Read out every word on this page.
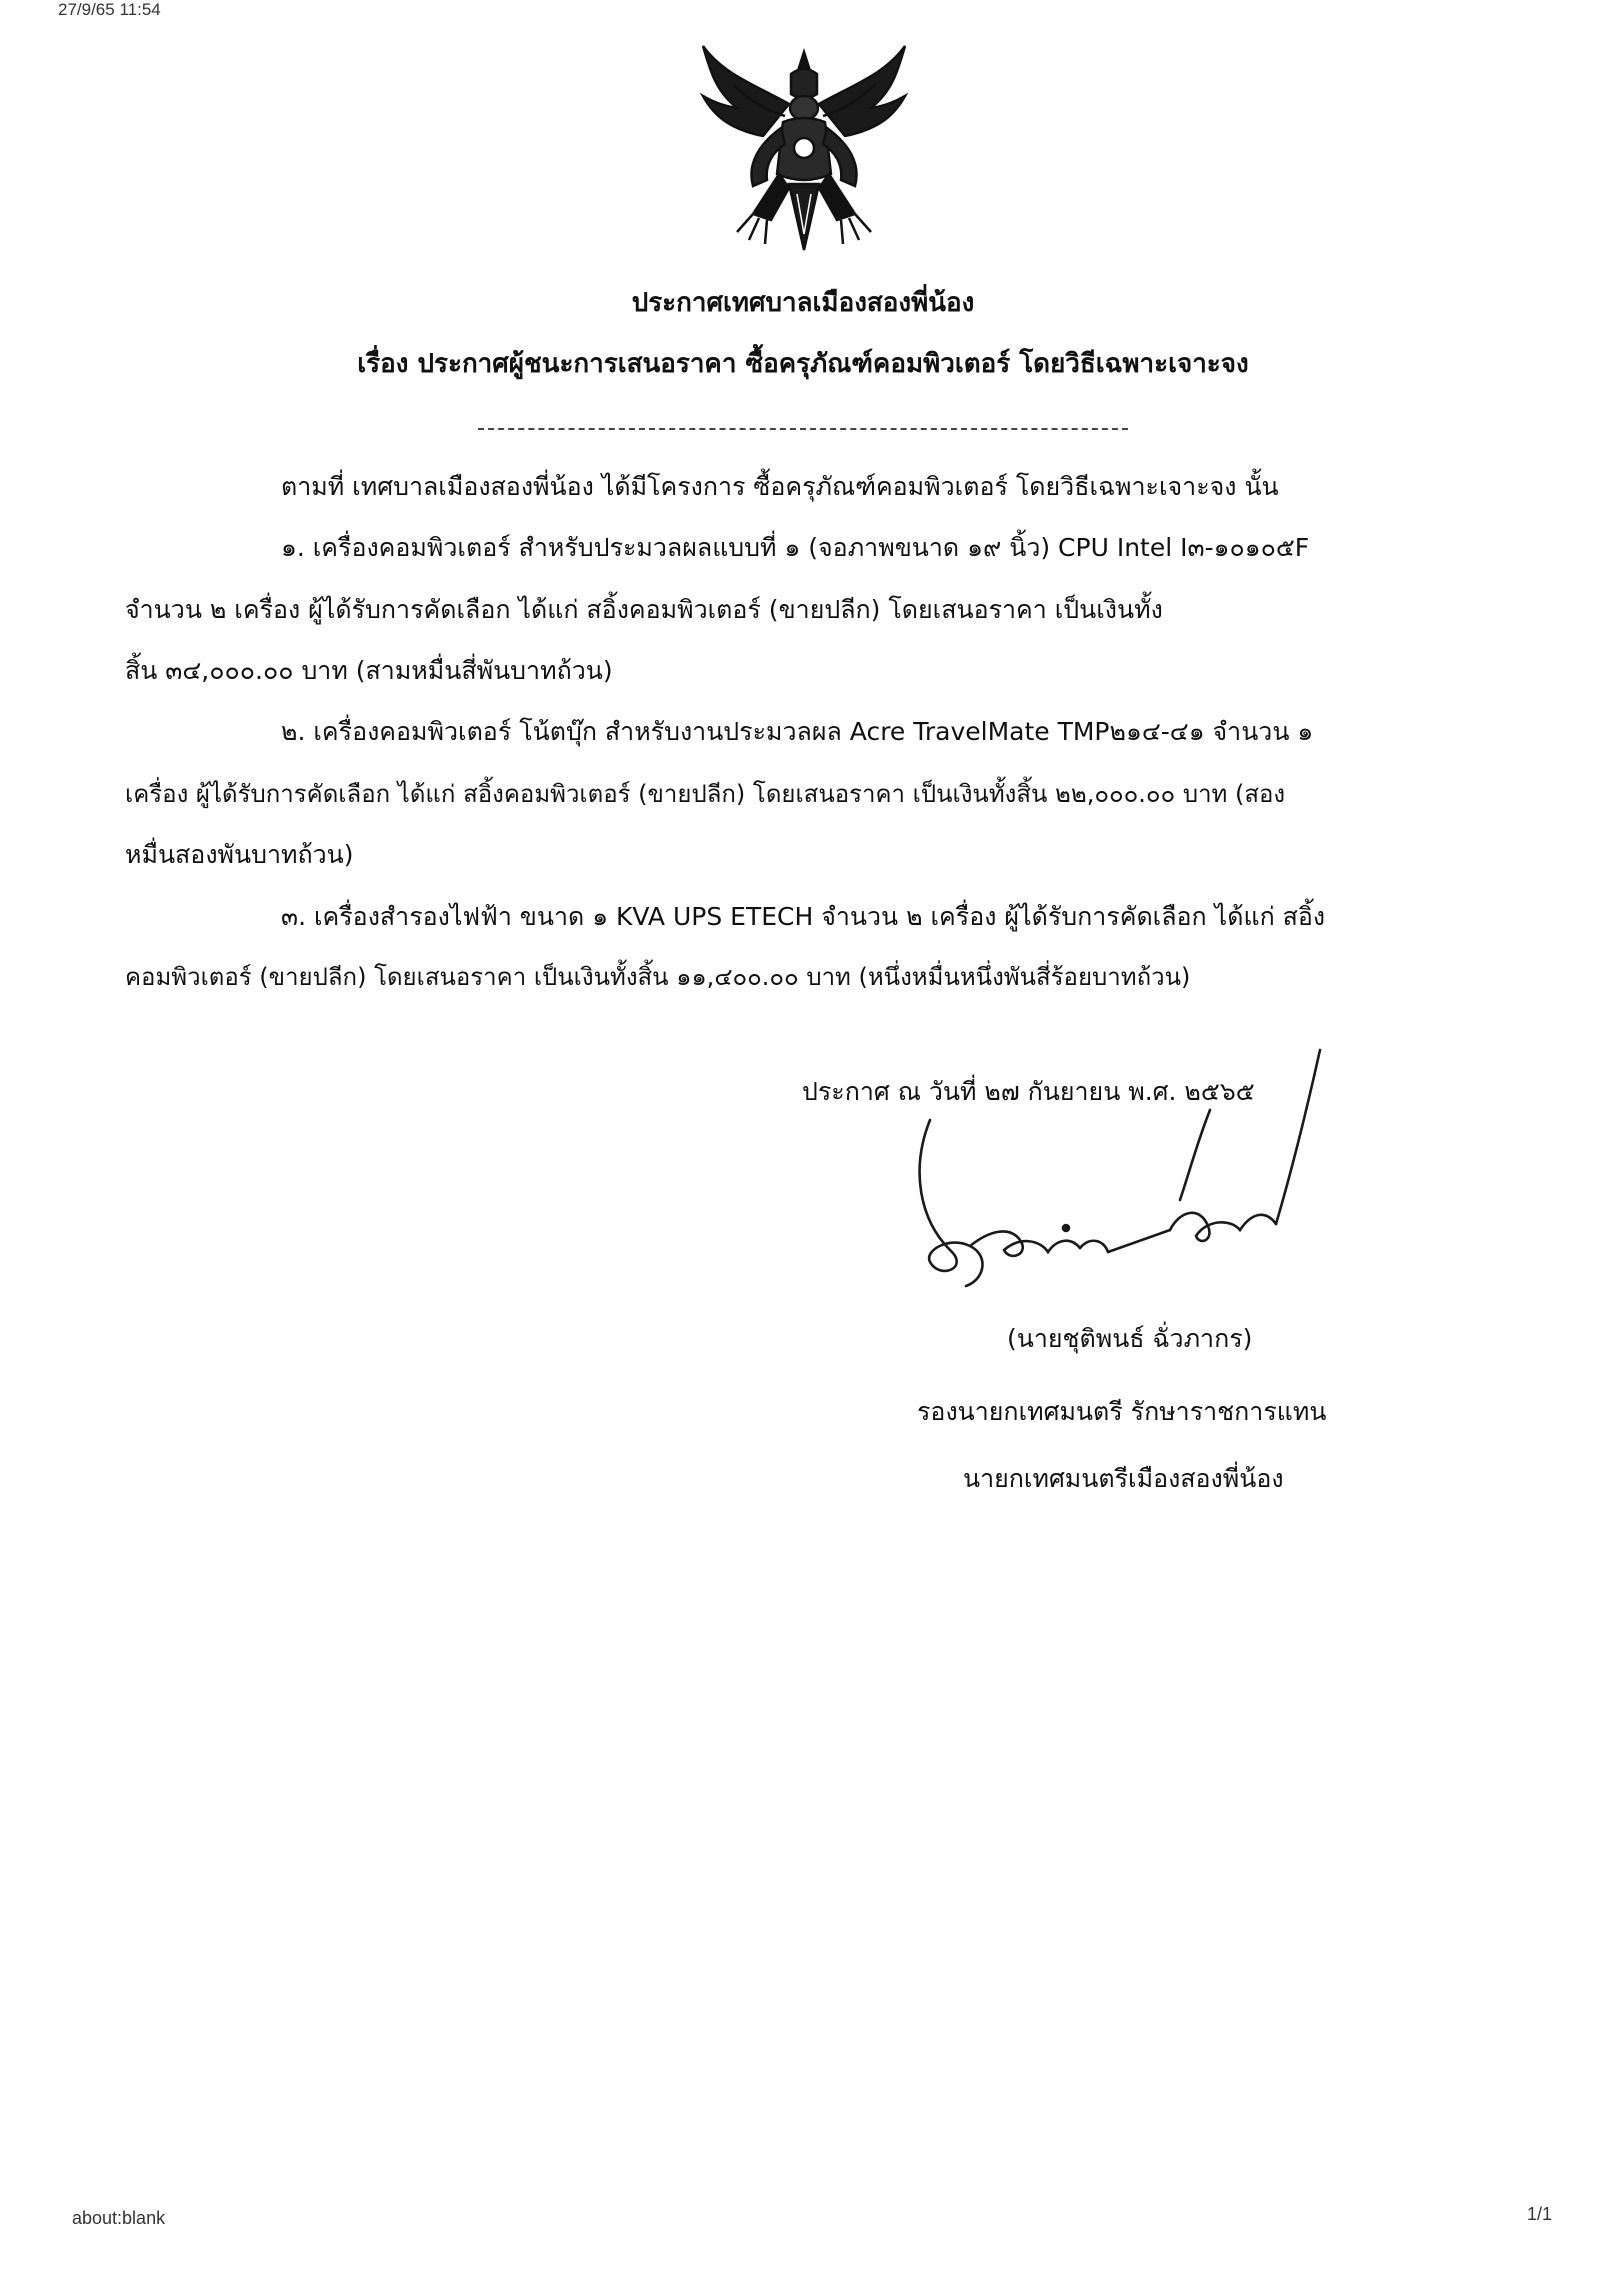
27/9/65 11:54
ประกาศเทศบาลเมืองสองพี่น้อง
เรื่อง ประกาศผู้ชนะการเสนอราคา ซื้อครุภัณฑ์คอมพิวเตอร์ โดยวิธีเฉพาะเจาะจง
ตามที่ เทศบาลเมืองสองพี่น้อง ได้มีโครงการ ซื้อครุภัณฑ์คอมพิวเตอร์ โดยวิธีเฉพาะเจาะจง นั้น
๑. เครื่องคอมพิวเตอร์ สำหรับประมวลผลแบบที่ ๑ (จอภาพขนาด ๑๙ นิ้ว) CPU Intel I๓-๑๐๑๐๕F
จำนวน ๒ เครื่อง ผู้ได้รับการคัดเลือก ได้แก่ สอิ้งคอมพิวเตอร์ (ขายปลีก) โดยเสนอราคา เป็นเงินทั้ง
สิ้น ๓๔,๐๐๐.๐๐ บาท (สามหมื่นสี่พันบาทถ้วน)
๒. เครื่องคอมพิวเตอร์ โน้ตบุ๊ก สำหรับงานประมวลผล Acre TravelMate TMP๒๑๔-๔๑ จำนวน ๑
เครื่อง ผู้ได้รับการคัดเลือก ได้แก่ สอิ้งคอมพิวเตอร์ (ขายปลีก) โดยเสนอราคา เป็นเงินทั้งสิ้น ๒๒,๐๐๐.๐๐ บาท (สอง
หมื่นสองพันบาทถ้วน)
๓. เครื่องสำรองไฟฟ้า ขนาด ๑ KVA UPS ETECH จำนวน ๒ เครื่อง ผู้ได้รับการคัดเลือก ได้แก่ สอิ้ง
คอมพิวเตอร์ (ขายปลีก) โดยเสนอราคา เป็นเงินทั้งสิ้น ๑๑,๔๐๐.๐๐ บาท (หนึ่งหมื่นหนึ่งพันสี่ร้อยบาทถ้วน)
ประกาศ ณ วันที่ ๒๗ กันยายน พ.ศ. ๒๕๖๕
(นายชุติพนธ์ ฉั่วภากร)
รองนายกเทศมนตรี รักษาราชการแทน
นายกเทศมนตรีเมืองสองพี่น้อง
about:blank	1/1
